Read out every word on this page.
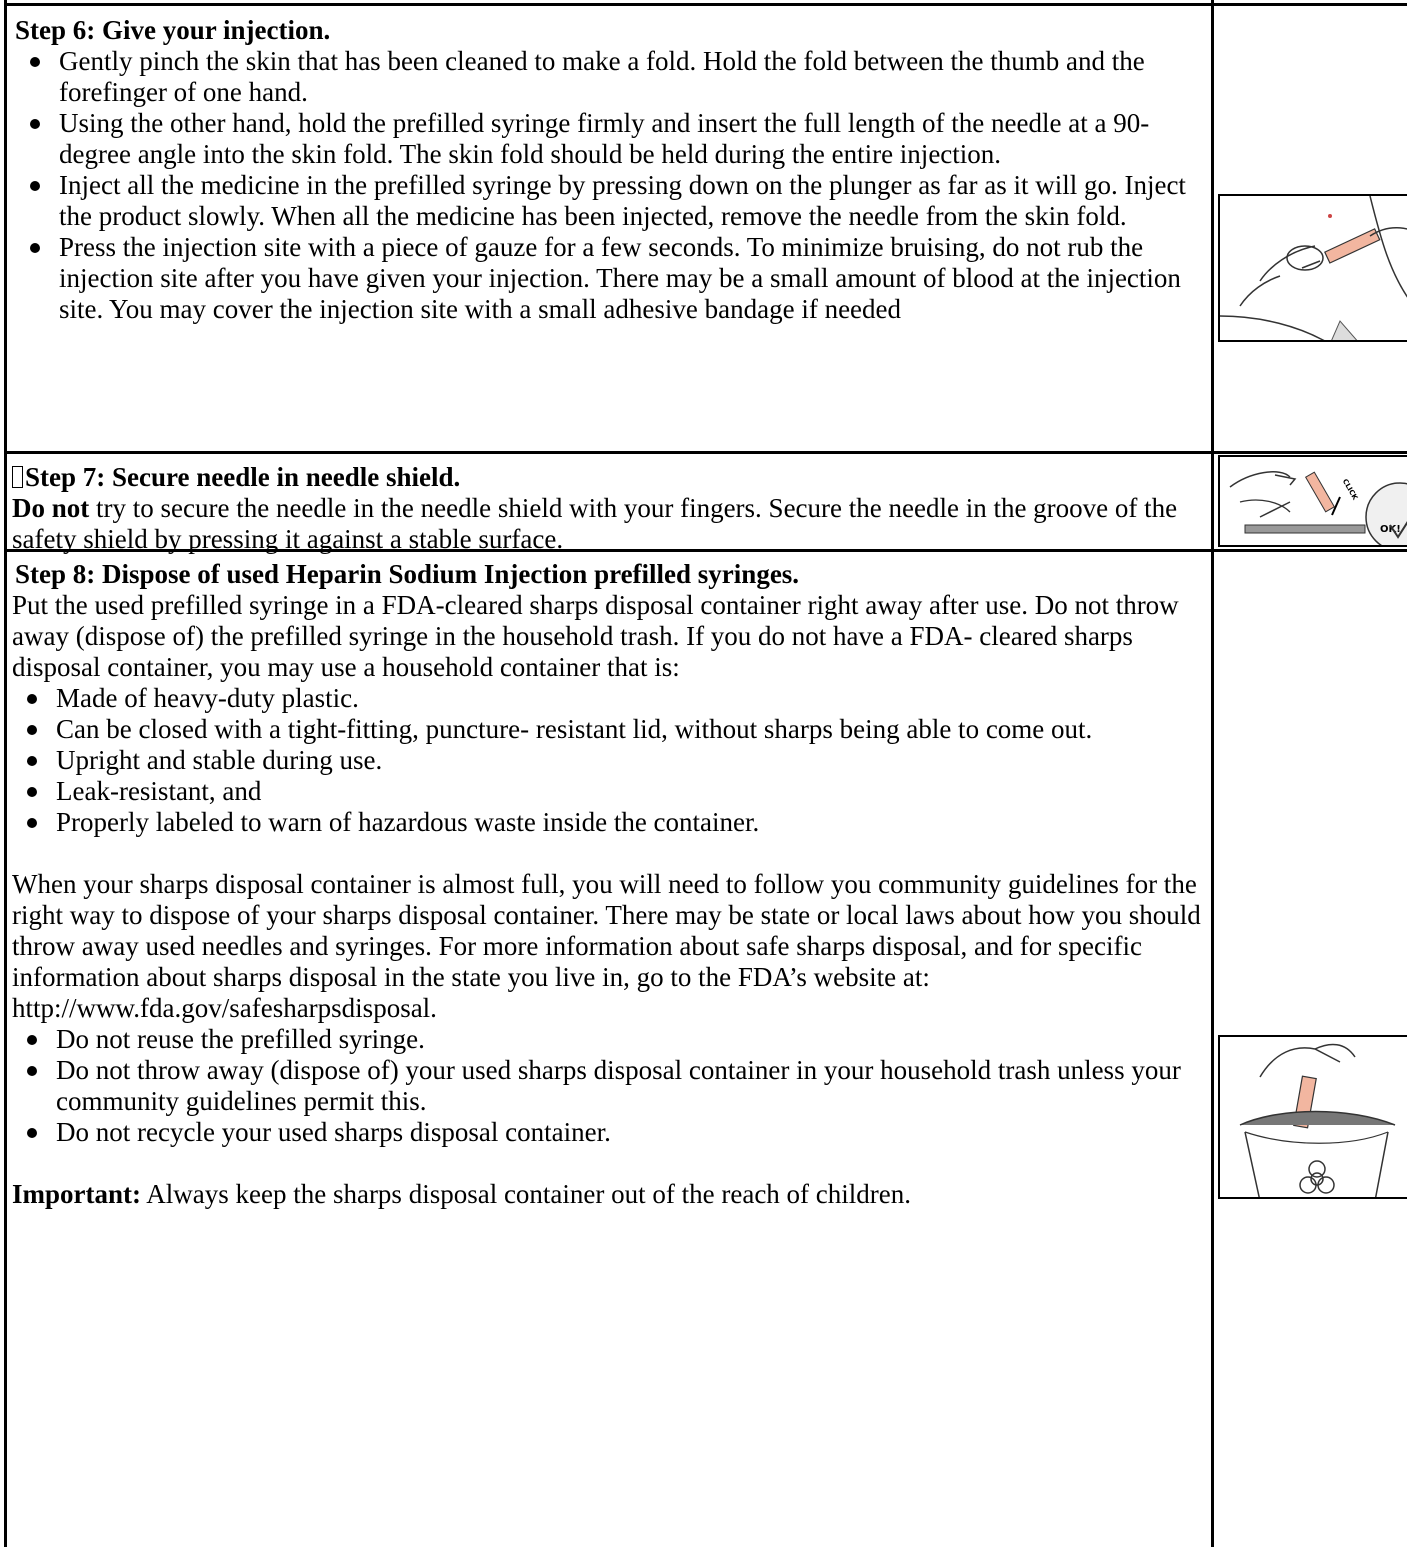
Step 6: Give your injection.
Gently pinch the skin that has been cleaned to make a fold. Hold the fold between the thumb and the forefinger of one hand.
Using the other hand, hold the prefilled syringe firmly and insert the full length of the needle at a 90-degree angle into the skin fold. The skin fold should be held during the entire injection.
Inject all the medicine in the prefilled syringe by pressing down on the plunger as far as it will go. Inject the product slowly. When all the medicine has been injected, remove the needle from the skin fold.
Press the injection site with a piece of gauze for a few seconds. To minimize bruising, do not rub the injection site after you have given your injection. There may be a small amount of blood at the injection site. You may cover the injection site with a small adhesive bandage if needed
Step 7: Secure needle in needle shield.

Do not try to secure the needle in the needle shield with your fingers. Secure the needle in the groove of the safety shield by pressing it against a stable surface.

CLICK
OK!
Step 8: Dispose of used Heparin Sodium Injection prefilled syringes.

Put the used prefilled syringe in a FDA-cleared sharps disposal container right away after use. Do not throw away (dispose of) the prefilled syringe in the household trash. If you do not have a FDA- cleared sharps disposal container, you may use a household container that is:

Made of heavy-duty plastic.
Can be closed with a tight-fitting, puncture- resistant lid, without sharps being able to come out.
Upright and stable during use.
Leak-resistant, and
Properly labeled to warn of hazardous waste inside the container.

When your sharps disposal container is almost full, you will need to follow you community guidelines for the right way to dispose of your sharps disposal container. There may be state or local laws about how you should throw away used needles and syringes. For more information about safe sharps disposal, and for specific information about sharps disposal in the state you live in, go to the FDA’s website at: http://www.fda.gov/safesharpsdisposal.

Do not reuse the prefilled syringe.
Do not throw away (dispose of) your used sharps disposal container in your household trash unless your community guidelines permit this.
Do not recycle your used sharps disposal container.

Important: Always keep the sharps disposal container out of the reach of children.
